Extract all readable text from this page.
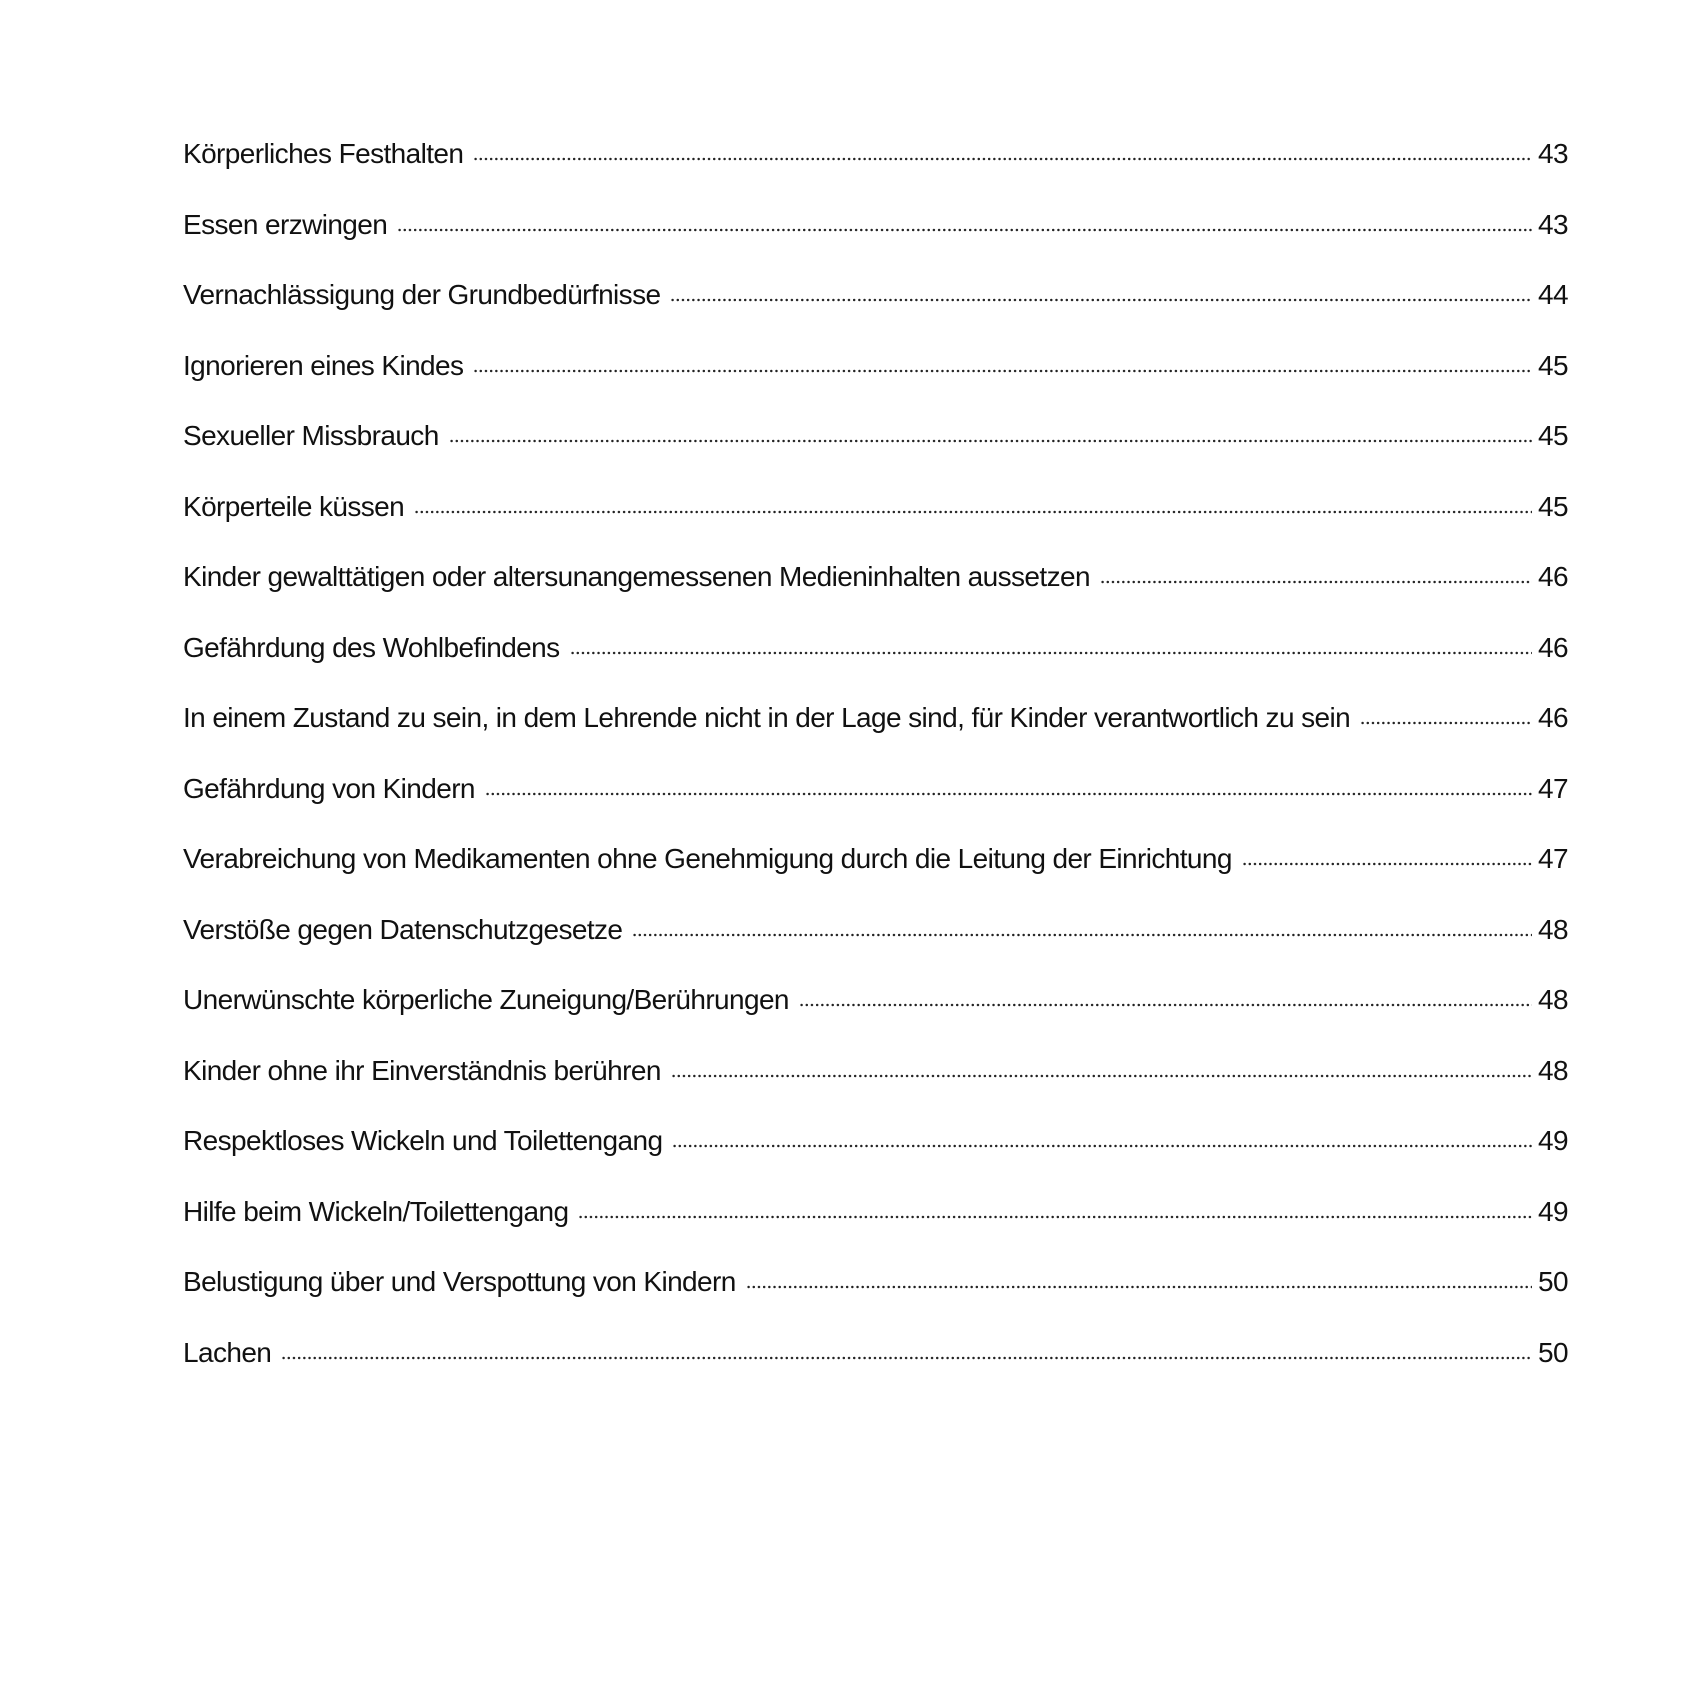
Körperliches Festhalten	43
Essen erzwingen	43
Vernachlässigung der Grundbedürfnisse	44
Ignorieren eines Kindes	45
Sexueller Missbrauch	45
Körperteile küssen	45
Kinder gewalttätigen oder altersunangemessenen Medieninhalten aussetzen	46
Gefährdung des Wohlbefindens	46
In einem Zustand zu sein, in dem Lehrende nicht in der Lage sind, für Kinder verantwortlich zu sein	46
Gefährdung von Kindern	47
Verabreichung von Medikamenten ohne Genehmigung durch die Leitung der Einrichtung	47
Verstöße gegen Datenschutzgesetze	48
Unerwünschte körperliche Zuneigung/Berührungen	48
Kinder ohne ihr Einverständnis berühren	48
Respektloses Wickeln und Toilettengang	49
Hilfe beim Wickeln/Toilettengang	49
Belustigung über und Verspottung von Kindern	50
Lachen	50
